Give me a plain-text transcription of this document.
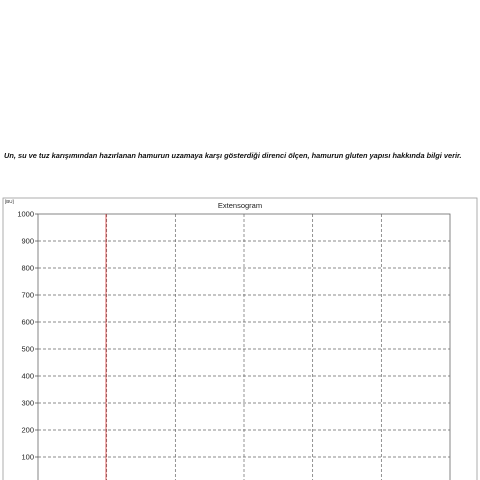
Un, su ve tuz karışımından hazırlanan hamurun uzamaya karşı gösterdiği direnci ölçen, hamurun gluten yapısı hakkında bilgi verir.
[BU]	Extensogram
100
200
300
400
500
600
700
800
900
1000
